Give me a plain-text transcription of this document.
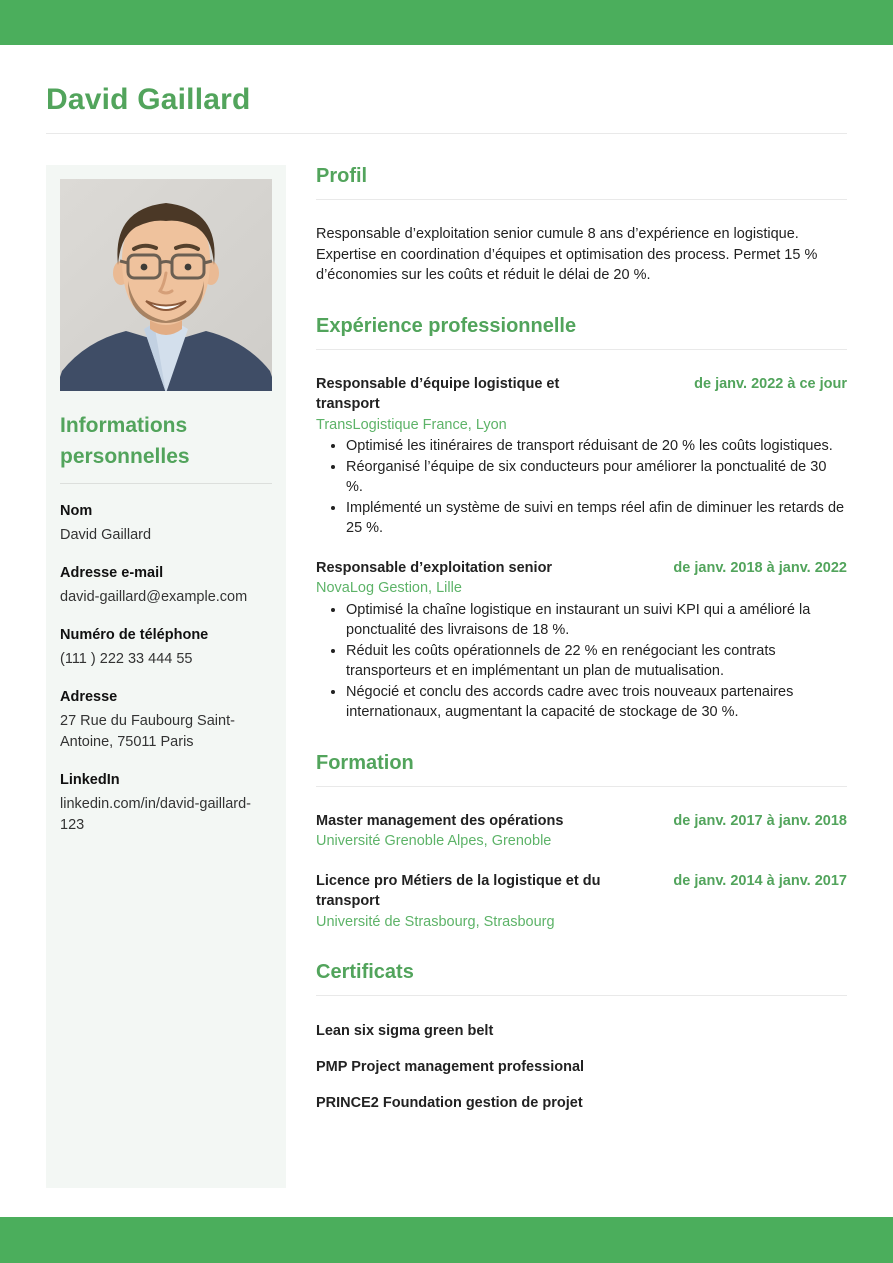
David Gaillard
Informations personnelles
Nom
David Gaillard
Adresse e-mail
david-gaillard@example.com
Numéro de téléphone
(111 ) 222 33 444 55
Adresse
27 Rue du Faubourg Saint-Antoine, 75011 Paris
LinkedIn
linkedin.com/in/david-gaillard-123
Profil

Responsable d’exploitation senior cumule 8 ans d’expérience en logistique. Expertise en coordination d’équipes et optimisation des process. Permet 15 % d’économies sur les coûts et réduit le délai de 20 %.

Expérience professionnelle
Responsable d’équipe logistique et transport
de janv. 2022 à ce jour
TransLogistique France, Lyon
• Optimisé les itinéraires de transport réduisant de 20 % les coûts logistiques.
• Réorganisé l’équipe de six conducteurs pour améliorer la ponctualité de 30 %.
• Implémenté un système de suivi en temps réel afin de diminuer les retards de 25 %.
Responsable d’exploitation senior	de janv. 2018 à janv. 2022
NovaLog Gestion, Lille
• Optimisé la chaîne logistique en instaurant un suivi KPI qui a amélioré la ponctualité des livraisons de 18 %.
• Réduit les coûts opérationnels de 22 % en renégociant les contrats transporteurs et en implémentant un plan de mutualisation.
• Négocié et conclu des accords cadre avec trois nouveaux partenaires internationaux, augmentant la capacité de stockage de 30 %.
Formation
Master management des opérations	de janv. 2017 à janv. 2018
Université Grenoble Alpes, Grenoble
Licence pro Métiers de la logistique et du transport
de janv. 2014 à janv. 2017
Université de Strasbourg, Strasbourg
Certificats
Lean six sigma green belt
PMP Project management professional
PRINCE2 Foundation gestion de projet
